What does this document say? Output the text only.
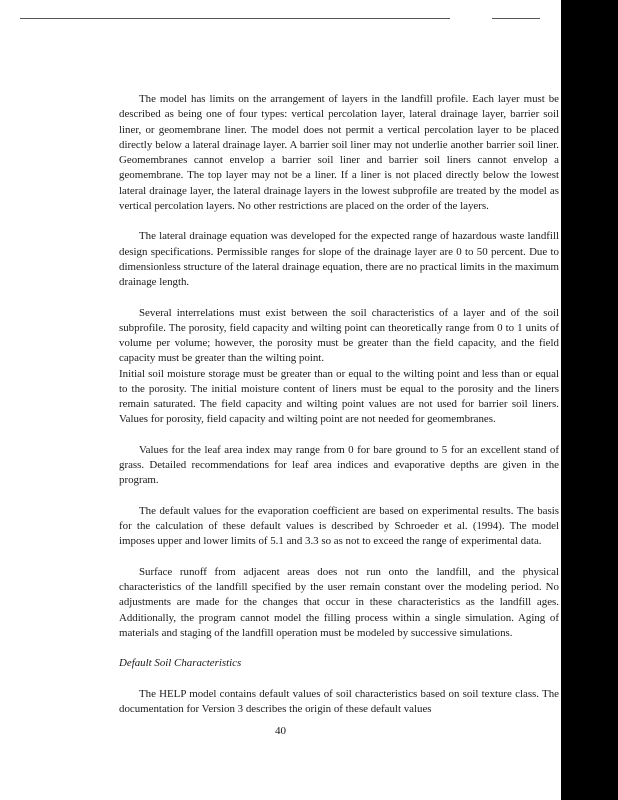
The model has limits on the arrangement of layers in the landfill profile. Each layer must be described as being one of four types: vertical percolation layer, lateral drainage layer, barrier soil liner, or geomembrane liner. The model does not permit a vertical percolation layer to be placed directly below a lateral drainage layer. A barrier soil liner may not underlie another barrier soil liner. Geomembranes cannot envelop a barrier soil liner and barrier soil liners cannot envelop a geomembrane. The top layer may not be a liner. If a liner is not placed directly below the lowest lateral drainage layer, the lateral drainage layers in the lowest subprofile are treated by the model as vertical percolation layers. No other restrictions are placed on the order of the layers.

The lateral drainage equation was developed for the expected range of hazardous waste landfill design specifications. Permissible ranges for slope of the drainage layer are 0 to 50 percent. Due to dimensionless structure of the lateral drainage equation, there are no practical limits in the maximum drainage length.

Several interrelations must exist between the soil characteristics of a layer and of the soil subprofile. The porosity, field capacity and wilting point can theoretically range from 0 to 1 units of volume per volume; however, the porosity must be greater than the field capacity, and the field capacity must be greater than the wilting point.

Initial soil moisture storage must be greater than or equal to the wilting point and less than or equal to the porosity. The initial moisture content of liners must be equal to the porosity and the liners remain saturated. The field capacity and wilting point values are not used for barrier soil liners. Values for porosity, field capacity and wilting point are not needed for geomembranes.

Values for the leaf area index may range from 0 for bare ground to 5 for an excellent stand of grass. Detailed recommendations for leaf area indices and evaporative depths are given in the program.

The default values for the evaporation coefficient are based on experimental results. The basis for the calculation of these default values is described by Schroeder et al. (1994). The model imposes upper and lower limits of 5.1 and 3.3 so as not to exceed the range of experimental data.

Surface runoff from adjacent areas does not run onto the landfill, and the physical characteristics of the landfill specified by the user remain constant over the modeling period. No adjustments are made for the changes that occur in these characteristics as the landfill ages. Additionally, the program cannot model the filling process within a single simulation. Aging of materials and staging of the landfill operation must be modeled by successive simulations.

Default Soil Characteristics

The HELP model contains default values of soil characteristics based on soil texture class. The documentation for Version 3 describes the origin of these default values

40
